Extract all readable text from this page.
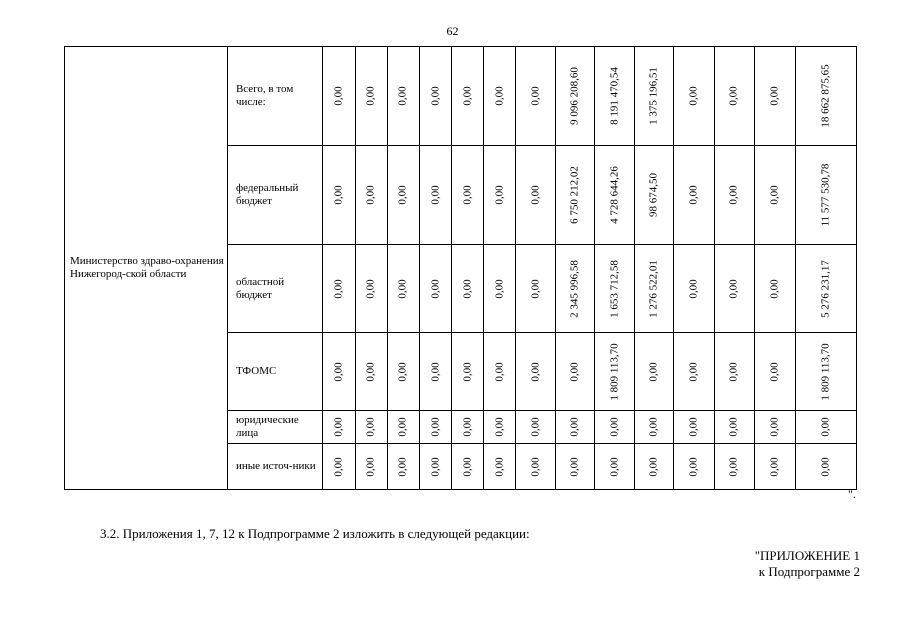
62
Министерство здраво-охранения Нижегород-ской области	Всего, в том числе:	0,00	0,00	0,00	0,00	0,00	0,00	0,00	9 096 208,60	8 191 470,54	1 375 196,51	0,00	0,00	0,00	18 662 875,65

	федеральный бюджет	0,00	0,00	0,00	0,00	0,00	0,00	0,00	6 750 212,02	4 728 644,26	98 674,50	0,00	0,00	0,00	11 577 530,78

	областной бюджет	0,00	0,00	0,00	0,00	0,00	0,00	0,00	2 345 996,58	1 653 712,58	1 276 522,01	0,00	0,00	0,00	5 276 231,17

	ТФОМС	0,00	0,00	0,00	0,00	0,00	0,00	0,00	0,00	1 809 113,70	0,00	0,00	0,00	0,00	1 809 113,70

	юридические лица	0,00	0,00	0,00	0,00	0,00	0,00	0,00	0,00	0,00	0,00	0,00	0,00	0,00	0,00

	иные источ-ники	0,00	0,00	0,00	0,00	0,00	0,00	0,00	0,00	0,00	0,00	0,00	0,00	0,00	0,00
".
3.2. Приложения 1, 7, 12 к Подпрограмме 2 изложить в следующей редакции:
"ПРИЛОЖЕНИЕ 1
к Подпрограмме 2
